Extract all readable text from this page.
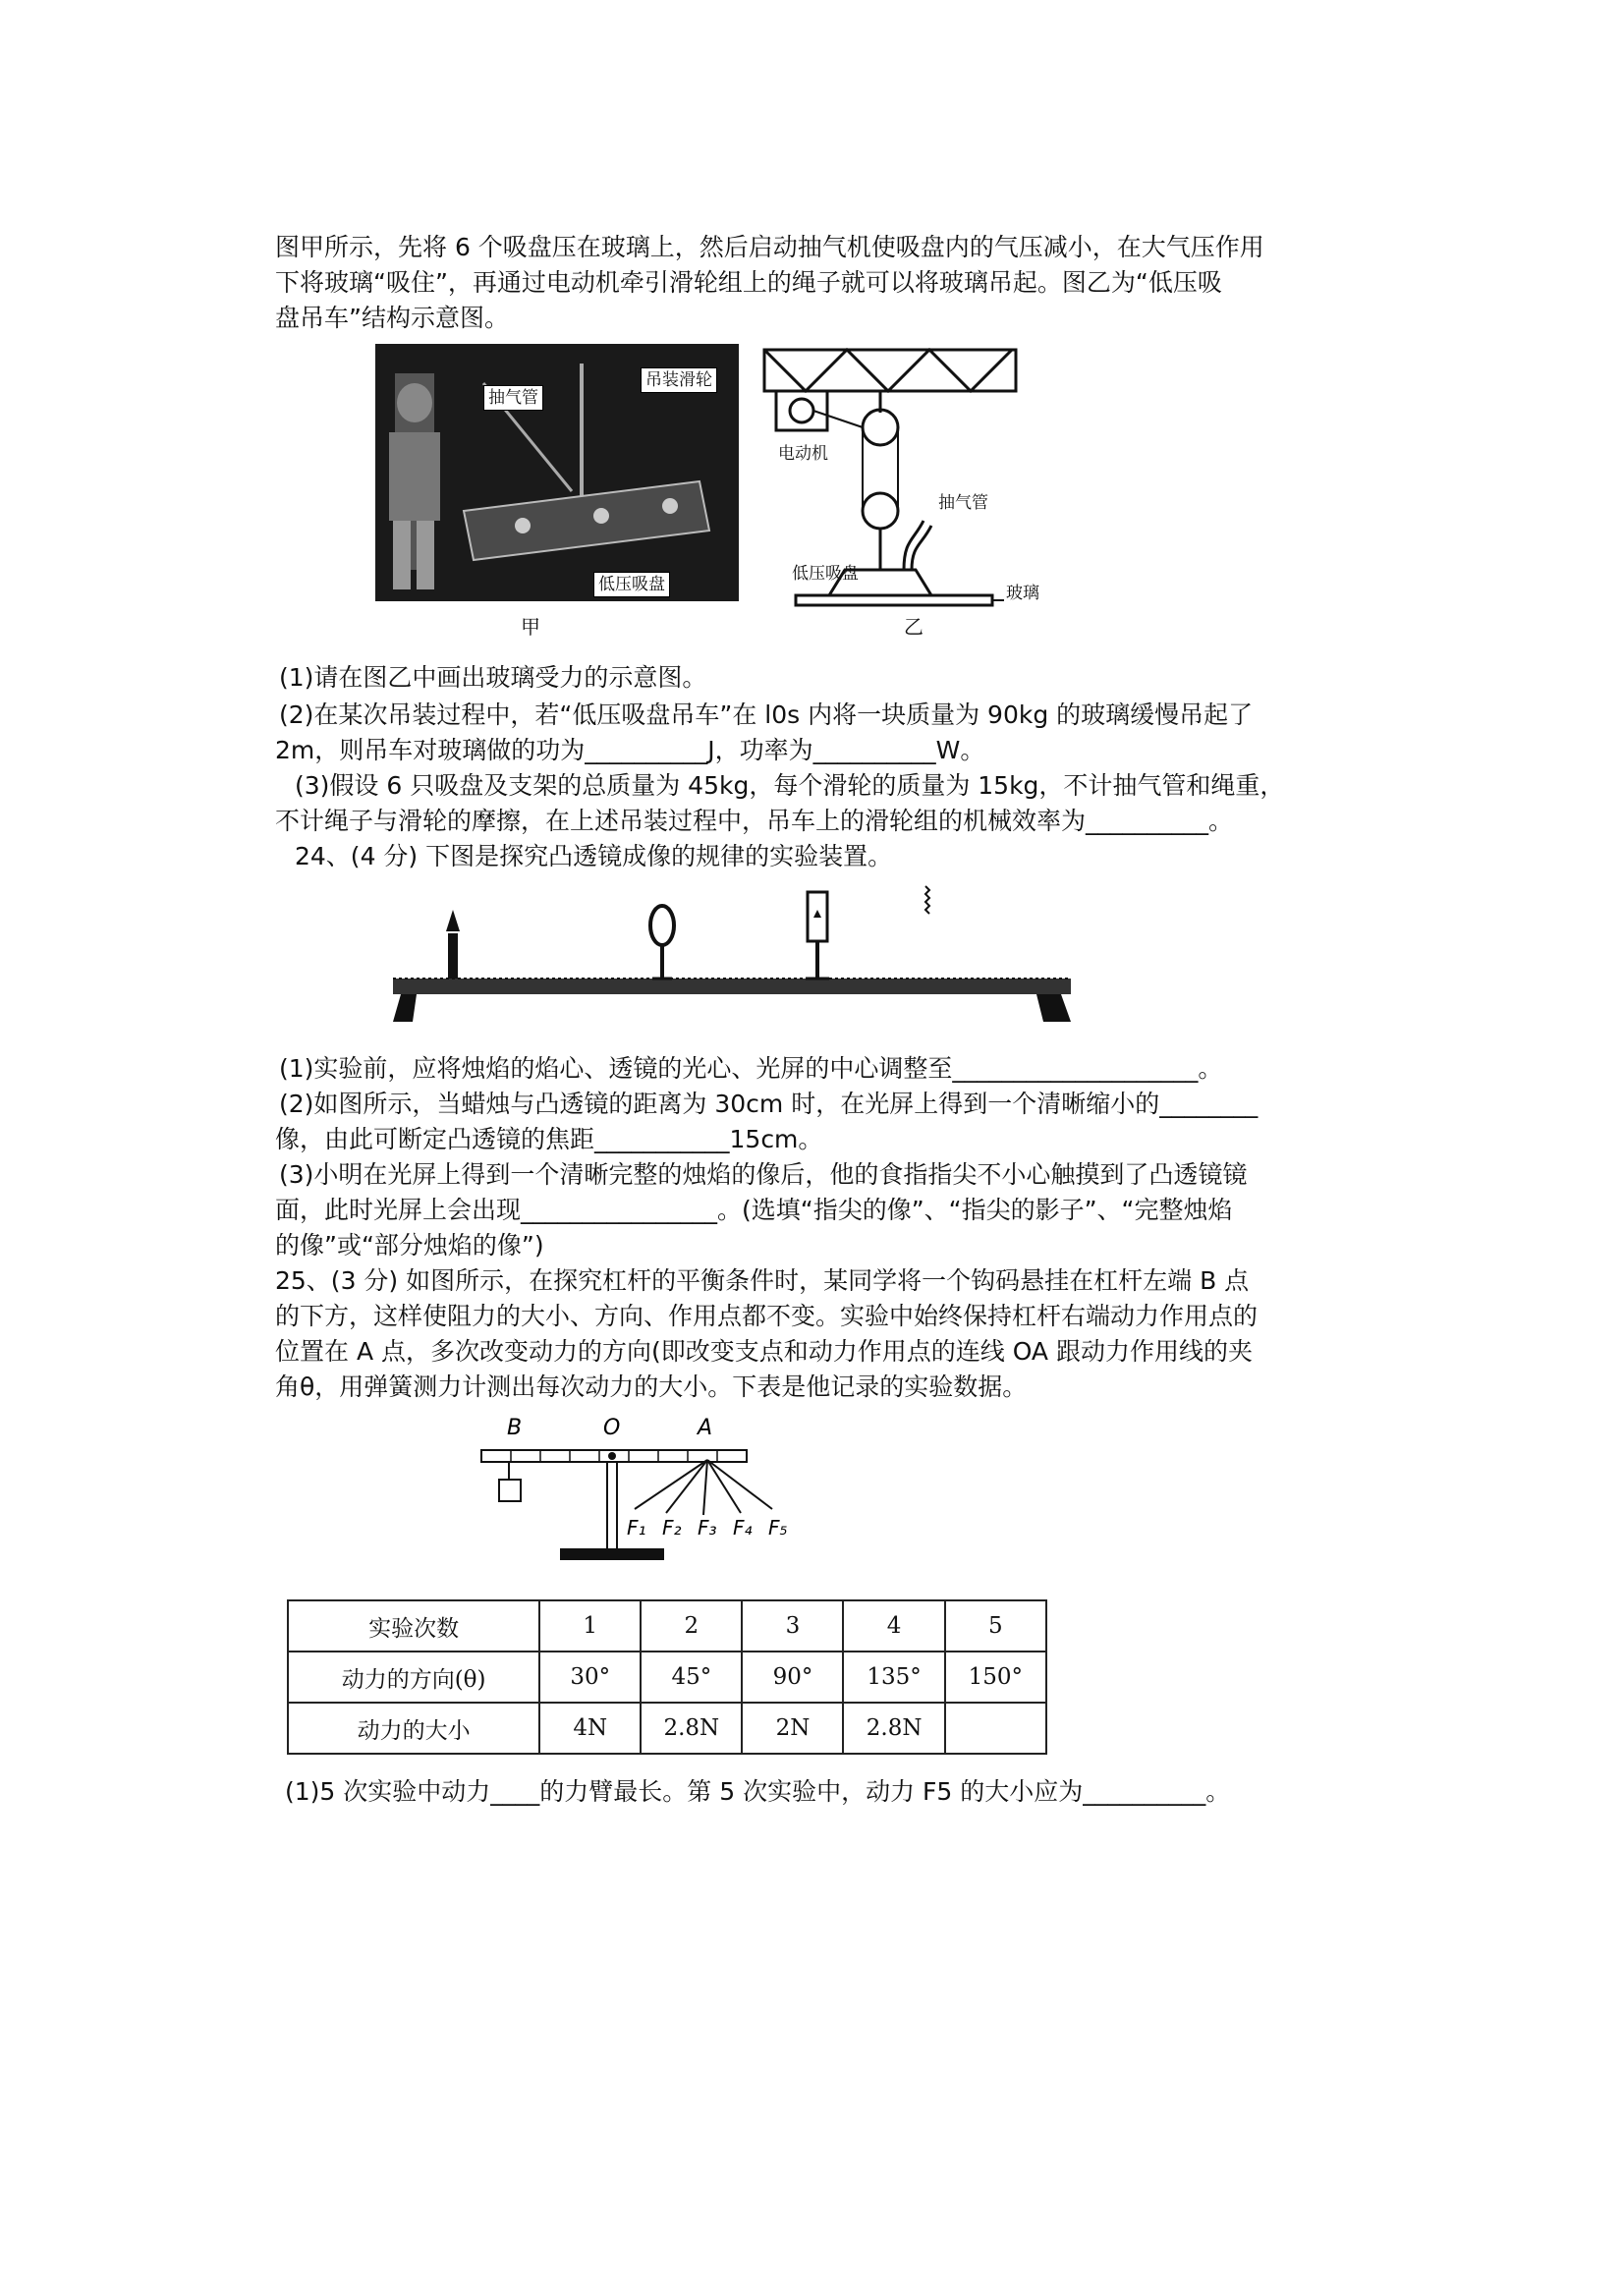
图甲所示，先将 6 个吸盘压在玻璃上，然后启动抽气机使吸盘内的气压减小，在大气压作用
下将玻璃“吸住”，再通过电动机牵引滑轮组上的绳子就可以将玻璃吊起。图乙为“低压吸
盘吊车”结构示意图。
抽气管
吊装滑轮
低压吸盘
甲
电动机
抽气管
低压吸盘
玻璃
乙
(1)请在图乙中画出玻璃受力的示意图。
(2)在某次吊装过程中，若“低压吸盘吊车”在 l0s 内将一块质量为 90kg 的玻璃缓慢吊起了
2m，则吊车对玻璃做的功为__________J，功率为__________W。
(3)假设 6 只吸盘及支架的总质量为 45kg，每个滑轮的质量为 15kg，不计抽气管和绳重，
不计绳子与滑轮的摩擦，在上述吊装过程中，吊车上的滑轮组的机械效率为__________。
24、(4 分) 下图是探究凸透镜成像的规律的实验装置。
(1)实验前，应将烛焰的焰心、透镜的光心、光屏的中心调整至____________________。
(2)如图所示，当蜡烛与凸透镜的距离为 30cm 时，在光屏上得到一个清晰缩小的________
像，由此可断定凸透镜的焦距___________15cm。
(3)小明在光屏上得到一个清晰完整的烛焰的像后，他的食指指尖不小心触摸到了凸透镜镜
面，此时光屏上会出现________________。(选填“指尖的像”、“指尖的影子”、“完整烛焰
的像”或“部分烛焰的像”)
25、(3 分) 如图所示，在探究杠杆的平衡条件时，某同学将一个钩码悬挂在杠杆左端 B 点
的下方，这样使阻力的大小、方向、作用点都不变。实验中始终保持杠杆右端动力作用点的
位置在 A 点，多次改变动力的方向(即改变支点和动力作用点的连线 OA 跟动力作用线的夹
角θ，用弹簧测力计测出每次动力的大小。下表是他记录的实验数据。
B	O	A
F₁ F₂ F₃ F₄ F₅
实验次数	1	2	3	4	5
动力的方向(θ)	30°	45°	90°	135°	150°
动力的大小	4N	2.8N	2N	2.8N	
(1)5 次实验中动力____的力臂最长。第 5 次实验中，动力 F5 的大小应为__________。
